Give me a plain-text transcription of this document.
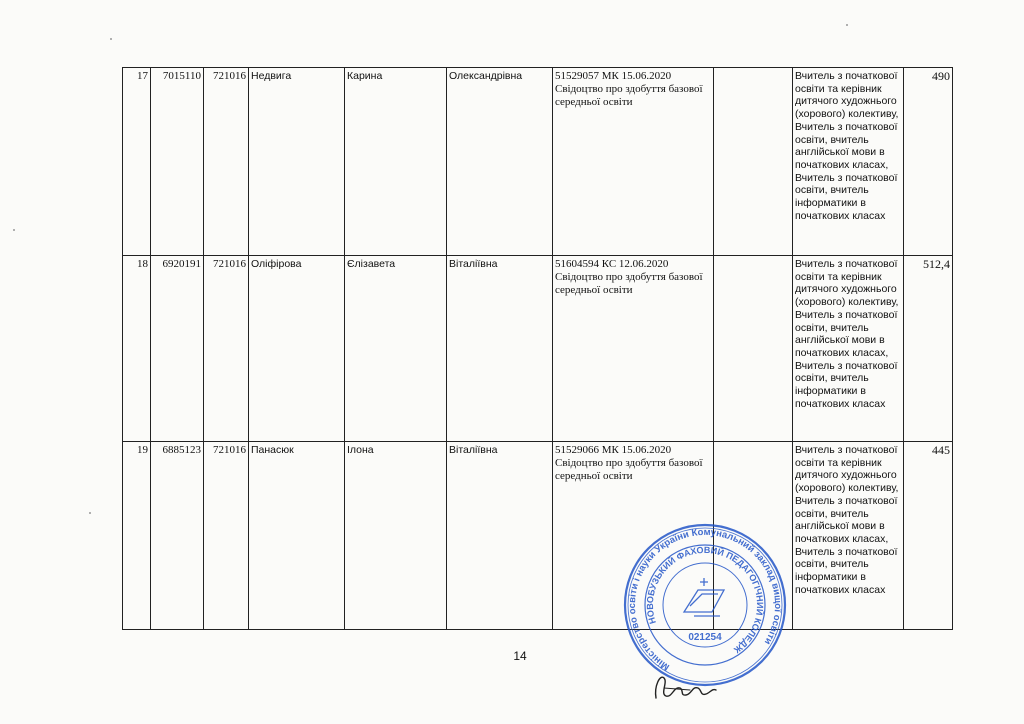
17	7015110	721016	Недвига	Карина	Олександрівна	51529057 МК 15.06.2020 Свідоцтво про здобуття базової середньої освіти		Вчитель з початкової освіти та керівник дитячого художнього (хорового) колективу, Вчитель з початкової освіти, вчитель англійської мови в початкових класах, Вчитель з початкової освіти, вчитель інформатики в початкових класах	490
18	6920191	721016	Оліфірова	Єлізавета	Віталіївна	51604594 КС 12.06.2020 Свідоцтво про здобуття базової середньої освіти		Вчитель з початкової освіти та керівник дитячого художнього (хорового) колективу, Вчитель з початкової освіти, вчитель англійської мови в початкових класах, Вчитель з початкової освіти, вчитель інформатики в початкових класах	512,4
19	6885123	721016	Панасюк	Ілона	Віталіївна	51529066 МК 15.06.2020 Свідоцтво про здобуття базової середньої освіти		Вчитель з початкової освіти та керівник дитячого художнього (хорового) колективу, Вчитель з початкової освіти, вчитель англійської мови в початкових класах, Вчитель з початкової освіти, вчитель інформатики в початкових класах	445
14
Міністерство освіти і науки України Комунальний заклад вищої освіти
НОВОБУЗЬКИЙ ФАХОВИЙ ПЕДАГОГІЧНИЙ КОЛЕДЖ
021254
